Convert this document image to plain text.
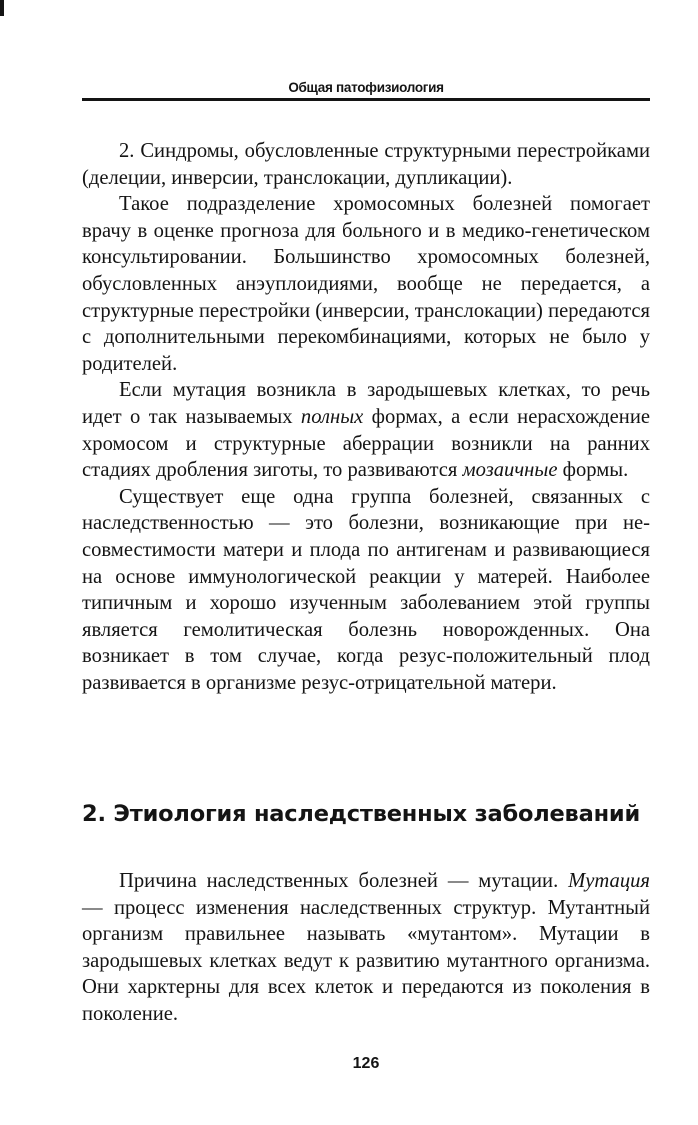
Общая патофизиология

2. Синдромы, обусловленные структурными перестройками (делеции, инверсии, транслокации, дупликации).

Такое подразделение хромосомных болезней помогает врачу в оценке прогноза для больного и в медико-генетическом консультировании. Большинство хромосомных болезней, обусловленных анэуплоидиями, вообще не передается, а структурные перестройки (инверсии, транслокации) передаются с дополнительными перекомбинациями, которых не было у родителей.

Если мутация возникла в зародышевых клетках, то речь идет о так называемых полных формах, а если нерасхождение хромосом и структурные аберрации возникли на ранних стадиях дробления зиготы, то развиваются мозаичные формы.

Существует еще одна группа болезней, связанных с наследственностью — это болезни, возникающие при несовместимости матери и плода по антигенам и развивающиеся на основе иммунологической реакции у матерей. Наиболее типичным и хорошо изученным заболеванием этой группы является гемолитическая болезнь новорожденных. Она возникает в том случае, когда резус-положительный плод развивается в организме резус-отрицательной матери.

2. Этиология наследственных заболеваний

Причина наследственных болезней — мутации. Мутация — процесс изменения наследственных структур. Мутантный организм правильнее называть «мутантом». Мутации в зародышевых клетках ведут к развитию мутантного организма. Они харктерны для всех клеток и передаются из поколения в поколение.

126
